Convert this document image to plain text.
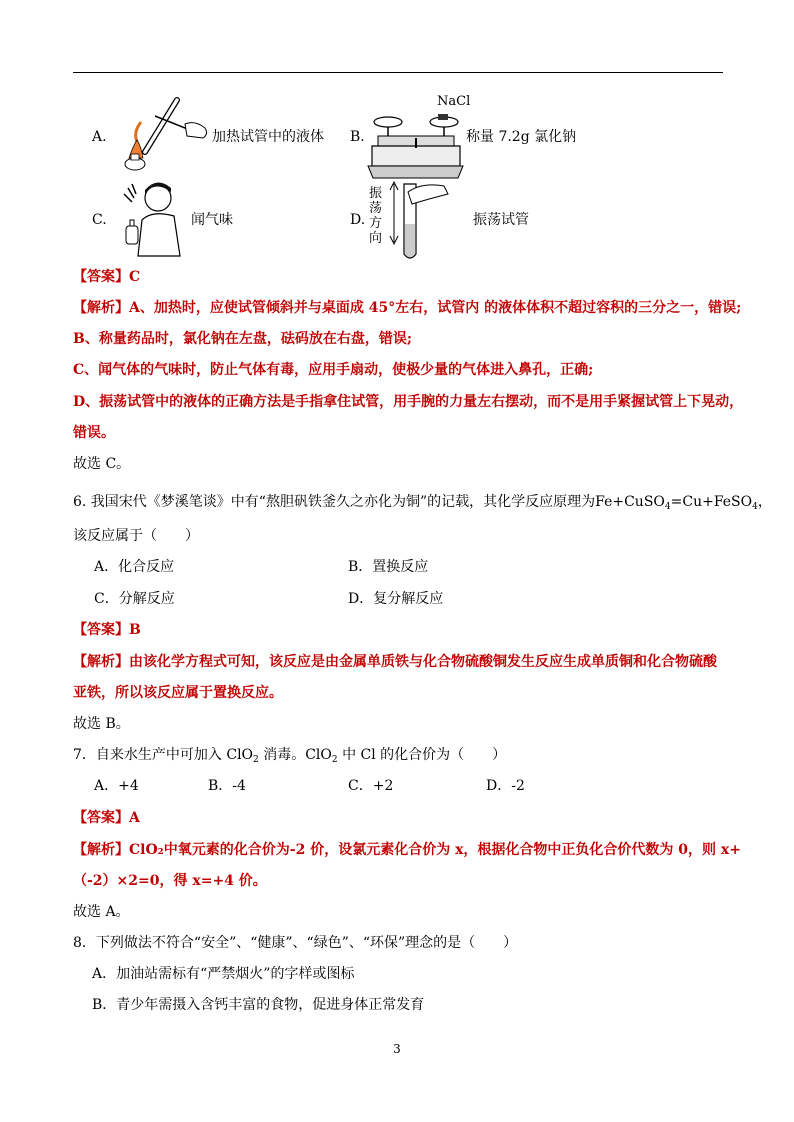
A.	加热试管中的液体 B.
NaCl
称量 7.2g 氯化钠
C.	闻气味	D.
振荡方向
振荡试管
【答案】C
【解析】A、加热时，应使试管倾斜并与桌面成 45°左右，试管内 的液体体积不超过容积的三分之一，错误;
B、称量药品时，氯化钠在左盘，砝码放在右盘，错误;
C、闻气体的气味时，防止气体有毒，应用手扇动，使极少量的气体进入鼻孔，正确;
D、振荡试管中的液体的正确方法是手指拿住试管，用手腕的力量左右摆动，而不是用手紧握试管上下晃动，
错误。
故选 C。
6. 我国宋代《梦溪笔谈》中有“熬胆矾铁釜久之亦化为铜”的记载，其化学反应原理为Fe+CuSO$_4$=Cu+FeSO$_4$，
该反应属于（　　）
A．化合反应	B．置换反应
C．分解反应	D．复分解反应
【答案】B
【解析】由该化学方程式可知，该反应是由金属单质铁与化合物硫酸铜发生反应生成单质铜和化合物硫酸
亚铁，所以该反应属于置换反应。
故选 B。
7．自来水生产中可加入 ClO$_2$ 消毒。ClO$_2$ 中 Cl 的化合价为（　　）
A．+4	B．-4	C．+2	D．-2
【答案】A
【解析】ClO₂中氧元素的化合价为-2 价，设氯元素化合价为 x，根据化合物中正负化合价代数为 0，则 x+
（-2）×2=0，得 x=+4 价。
故选 A。
8．下列做法不符合“安全”、“健康”、“绿色”、“环保”理念的是（　　）
A．加油站需标有“严禁烟火”的字样或图标
B．青少年需摄入含钙丰富的食物，促进身体正常发育
3
